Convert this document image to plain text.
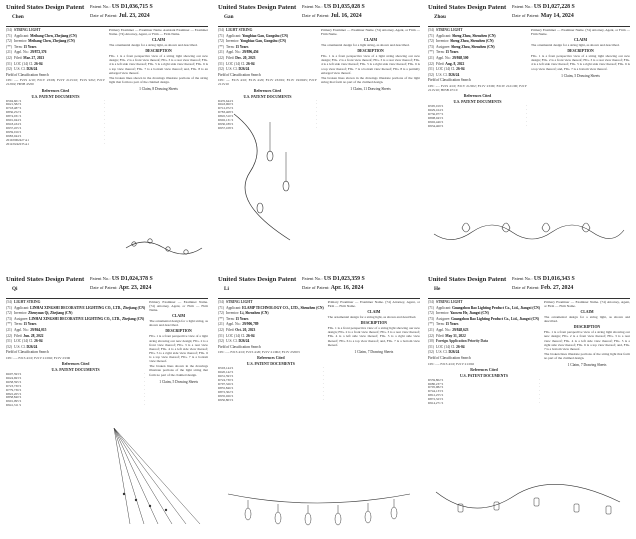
United States Design Patent
Chen
Patent No.: US D1,036,715 S
Date of Patent: Jul. 23, 2024
(54) STRING LIGHT
(71) Applicant: Meibang Chen, Zhejiang (CN)
(72) Inventor: Meibang Chen, Zhejiang (CN)
(**) Term: 15 Years
(21) Appl. No.: 29/872,376
(22) Filed: Mar. 27, 2023
(51) LOC (14) Cl. 26-04
(52) U.S. Cl. D26/24
Field of Classification Search
CPC ..... F21S 4/10; F21V 23/06; F21Y 2115/10; F21S 9/02; F21V 21/002; H05B 45/00
References Cited
U.S. PATENT DOCUMENTS
D594,601 S	·
D621,582 S	·
D718,487 S	·
D836,252 S	·
D874,031 S	·
D901,044 S	·
D918,434 S	·
D937,455 S	·
D959,016 S	·
D983,044 S	·
2010/0002427 A1	·
2012/0242235 A1	·
Primary Examiner — Examiner Name. Assistant Examiner — Examiner Name. (74) Attorney, Agent, or Firm — Firm Name.
CLAIM
The ornamental design for a string light, as shown and described.
DESCRIPTION
FIG. 1 is a front perspective view of a string light showing our new design; FIG. 2 is a front view thereof; FIG. 3 is a rear view thereof; FIG. 4 is a left side view thereof; FIG. 5 is a right side view thereof; FIG. 6 is a top view thereof; FIG. 7 is a bottom view thereof; and, FIG. 8 is an enlarged view thereof.
The broken lines shown in the drawings illustrate portions of the string light that form no part of the claimed design.
1 Claim, 8 Drawing Sheets
United States Design Patent
Gan
Patent No.: US D1,035,028 S
Date of Patent: Jul. 16, 2024
(54) LIGHT STRING
(71) Applicant: Yongbiao Gan, Gongshu (CN)
(72) Inventor: Yongbiao Gan, Gongshu (CN)
(**) Term: 15 Years
(21) Appl. No.: 29/896,456
(22) Filed: Dec. 20, 2023
(51) LOC (14) Cl. 26-04
(52) U.S. Cl. D26/24
Field of Classification Search
CPC ..... F21S 4/10; F21S 4/20; F21V 23/001; F21V 19/0025; F21Y 2115/10
References Cited
U.S. PATENT DOCUMENTS
D476,644 S	·
D643,960 S	·
D712,072 S	·
D783,468 S	·
D845,510 S	·
D902,131 S	·
D930,189 S	·
D957,108 S	·
Primary Examiner — Examiner Name. (74) Attorney, Agent, or Firm — Firm Name.
CLAIM
The ornamental design for a light string, as shown and described.
DESCRIPTION
FIG. 1 is a front perspective view of a light string showing our new design; FIG. 2 is a front view thereof; FIG. 3 is a rear view thereof; FIG. 4 is a left side view thereof; FIG. 5 is a right side view thereof; FIG. 6 is a top view thereof; FIG. 7 is a bottom view thereof; FIG. 8 is a partially enlarged view thereof.
The broken lines shown in the drawings illustrate portions of the light string that form no part of the claimed design.
1 Claim, 11 Drawing Sheets
United States Design Patent
Zhou
Patent No.: US D1,027,228 S
Date of Patent: May 14, 2024
(54) STRING LIGHT
(71) Applicant: Sheng Zhou, Shenzhen (CN)
(72) Inventor: Sheng Zhou, Shenzhen (CN)
(73) Assignee: Sheng Zhou, Shenzhen (CN)
(**) Term: 15 Years
(21) Appl. No.: 29/868,500
(22) Filed: Aug. 8, 2022
(51) LOC (14) Cl. 26-04
(52) U.S. Cl. D26/24
Field of Classification Search
CPC ..... F21S 4/10; F21V 21/002; F21V 23/00; F21W 2121/00; F21Y 2115/10; H05B 47/10
References Cited
U.S. PATENT DOCUMENTS
D595,019 S	·
D629,164 S	·
D736,977 S	·
D808,043 S	·
D902,446 S	·
D934,460 S	·
Primary Examiner — Examiner Name. (74) Attorney, Agent, or Firm — Firm Name.
CLAIM
The ornamental design for a string light, as shown and described.
DESCRIPTION
FIG. 1 is a front perspective view of a string light showing our new design; FIG. 2 is a front view thereof; FIG. 3 is a rear view thereof; FIG. 4 is a left side view thereof; FIG. 5 is a right side view thereof; FIG. 6 is a top view thereof; and, FIG. 7 is a bottom view thereof.
1 Claim, 5 Drawing Sheets
United States Design Patent
Qi
Patent No.: US D1,024,378 S
Date of Patent: Apr. 23, 2024
(54) LIGHT STRING
(71) Applicant: LINHAI XINGSHI DECORATIVE LIGHTING CO., LTD., Zhejiang (CN)
(72) Inventor: Zhenyuan Qi, Zhejiang (CN)
(73) Assignee: LINHAI XINGSHI DECORATIVE LIGHTING CO., LTD., Zhejiang (CN)
(**) Term: 15 Years
(21) Appl. No.: 29/864,015
(22) Filed: Jun. 28, 2022
(51) LOC (14) Cl. 26-04
(52) U.S. Cl. D26/24
Field of Classification Search
CPC ..... F21S 4/10; F21V 21/002; F21V 23/06
References Cited
U.S. PATENT DOCUMENTS
D607,593 S	·
D624,693 S	·
D658,595 S	·
D723,730 S	·
D779,736 S	·
D822,265 S	·
D858,840 S	·
D901,095 S	·
D941,311 S	·
Primary Examiner — Examiner Name. (74) Attorney, Agent, or Firm — Firm Name.
CLAIM
The ornamental design for a light string, as shown and described.
DESCRIPTION
FIG. 1 is a front perspective view of a light string showing our new design; FIG. 2 is a front view thereof; FIG. 3 is a rear view thereof; FIG. 4 is a left side view thereof; FIG. 5 is a right side view thereof; FIG. 6 is a top view thereof; FIG. 7 is a bottom view thereof.
The broken lines shown in the drawings illustrate portions of the light string that form no part of the claimed design.
1 Claim, 5 Drawing Sheets
United States Design Patent
Li
Patent No.: US D1,023,359 S
Date of Patent: Apr. 16, 2024
(54) STRING LIGHT
(71) Applicant: ELAMP TECHNOLOGY CO., LTD., Shenzhen (CN)
(72) Inventor: Li, Shenzhen (CN)
(**) Term: 15 Years
(21) Appl. No.: 29/906,789
(22) Filed: Oct. 20, 2023
(51) LOC (14) Cl. 26-04
(52) U.S. Cl. D26/24
Field of Classification Search
CPC ..... F21S 4/10; F21S 4/20; F21V 21/002; F21V 23/003
References Cited
U.S. PATENT DOCUMENTS
D503,144 S	·
D620,142 S	·
D631,593 S	·
D724,730 S	·
D797,326 S	·
D855,846 S	·
D872,302 S	·
D935,026 S	·
D950,803 S	·
Primary Examiner — Examiner Name. (74) Attorney, Agent, or Firm — Firm Name.
CLAIM
The ornamental design for a string light, as shown and described.
DESCRIPTION
FIG. 1 is a front perspective view of a string light showing our new design; FIG. 2 is a front view thereof; FIG. 3 is a rear view thereof; FIG. 4 is a left side view thereof; FIG. 5 is a right side view thereof; FIG. 6 is a top view thereof; and, FIG. 7 is a bottom view thereof.
1 Claim, 7 Drawing Sheets
United States Design Patent
He
Patent No.: US D1,016,343 S
Date of Patent: Feb. 27, 2024
(54) STRING LIGHT
(71) Applicant: Guangzhou Bao Lighting Product Co., Ltd., Jiangxi (CN)
(72) Inventor: Yaowen He, Jiangxi (CN)
(73) Assignee: Guangzhou Bao Lighting Product Co., Ltd., Jiangxi (CN)
(**) Term: 15 Years
(21) Appl. No.: 29/848,623
(22) Filed: May 31, 2022
(30) Foreign Application Priority Data
(51) LOC (14) Cl. 26-04
(52) U.S. Cl. D26/24
Field of Classification Search
CPC ..... F21S 4/10; F21V 21/002
References Cited
U.S. PATENT DOCUMENTS
D559,802 S	·
D680,237 S	·
D705,982 S	·
D744,133 S	·
D812,255 S	·
D872,323 S	·
D914,271 S	·
Primary Examiner — Examiner Name. (74) Attorney, Agent, or Firm — Firm Name.
CLAIM
The ornamental design for a string light, as shown and described.
DESCRIPTION
FIG. 1 is a front perspective view of a string light showing our new design; FIG. 2 is a front view thereof; FIG. 3 is a rear view thereof; FIG. 4 is a left side view thereof; FIG. 5 is a right side view thereof; FIG. 6 is a top view thereof; and, FIG. 7 is a bottom view thereof.
The broken lines illustrate portions of the string light that form no part of the claimed design.
1 Claim, 7 Drawing Sheets
